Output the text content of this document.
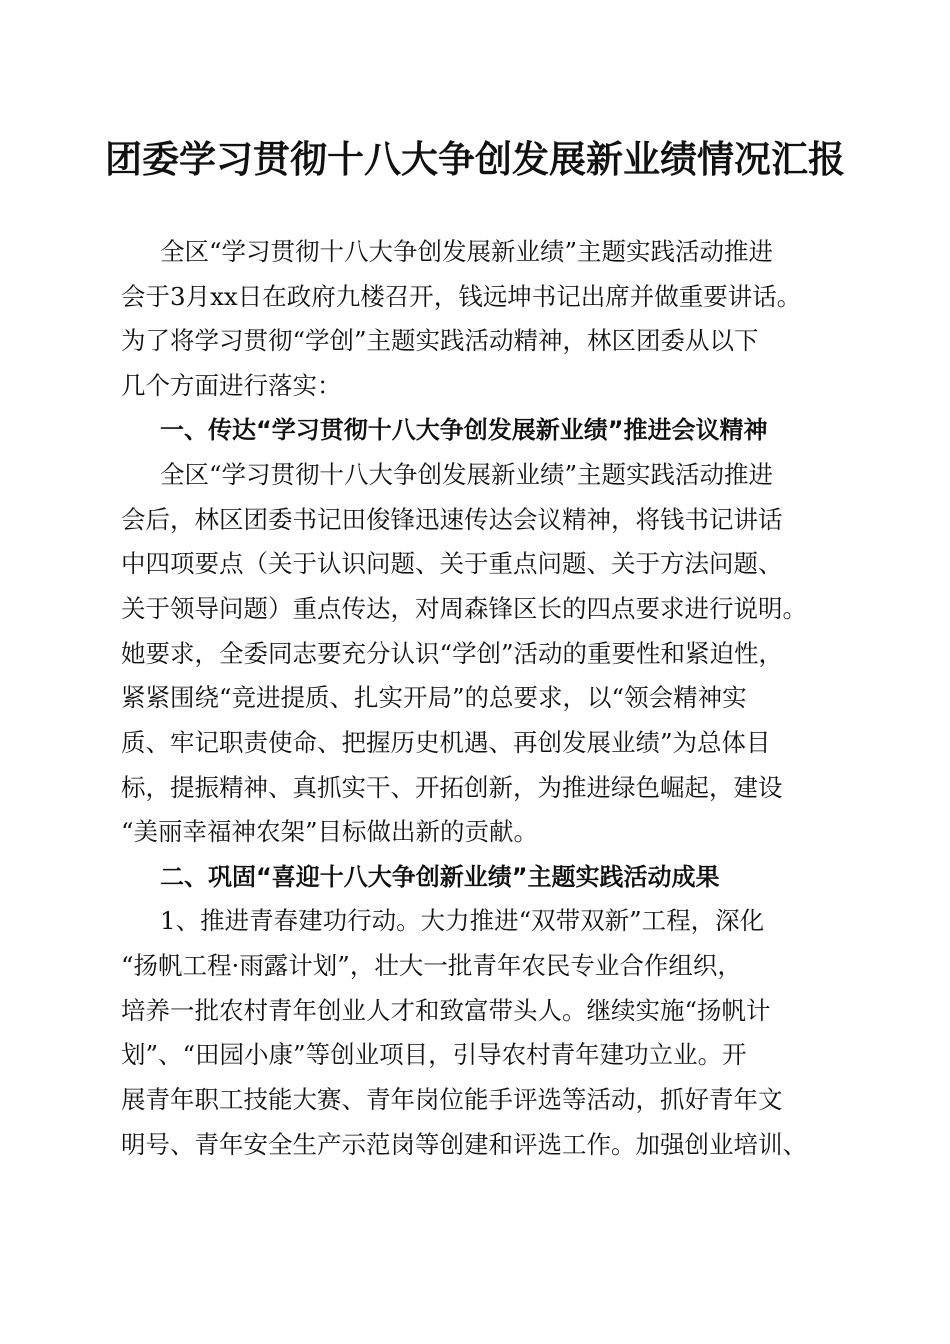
团委学习贯彻十八大争创发展新业绩情况汇报

全区“学习贯彻十八大争创发展新业绩”主题实践活动推进

会于3月xx日在政府九楼召开，钱远坤书记出席并做重要讲话。

为了将学习贯彻“学创”主题实践活动精神，林区团委从以下

几个方面进行落实：

一、传达“学习贯彻十八大争创发展新业绩”推进会议精神

全区“学习贯彻十八大争创发展新业绩”主题实践活动推进

会后，林区团委书记田俊锋迅速传达会议精神，将钱书记讲话

中四项要点（关于认识问题、关于重点问题、关于方法问题、

关于领导问题）重点传达，对周森锋区长的四点要求进行说明。

她要求，全委同志要充分认识“学创”活动的重要性和紧迫性，

紧紧围绕“竞进提质、扎实开局”的总要求，以“领会精神实

质、牢记职责使命、把握历史机遇、再创发展业绩”为总体目

标，提振精神、真抓实干、开拓创新，为推进绿色崛起，建设

“美丽幸福神农架”目标做出新的贡献。

二、巩固“喜迎十八大争创新业绩”主题实践活动成果

1、推进青春建功行动。大力推进“双带双新”工程，深化

“扬帆工程·雨露计划”，壮大一批青年农民专业合作组织，

培养一批农村青年创业人才和致富带头人。继续实施“扬帆计

划”、“田园小康”等创业项目，引导农村青年建功立业。开

展青年职工技能大赛、青年岗位能手评选等活动，抓好青年文

明号、青年安全生产示范岗等创建和评选工作。加强创业培训、
